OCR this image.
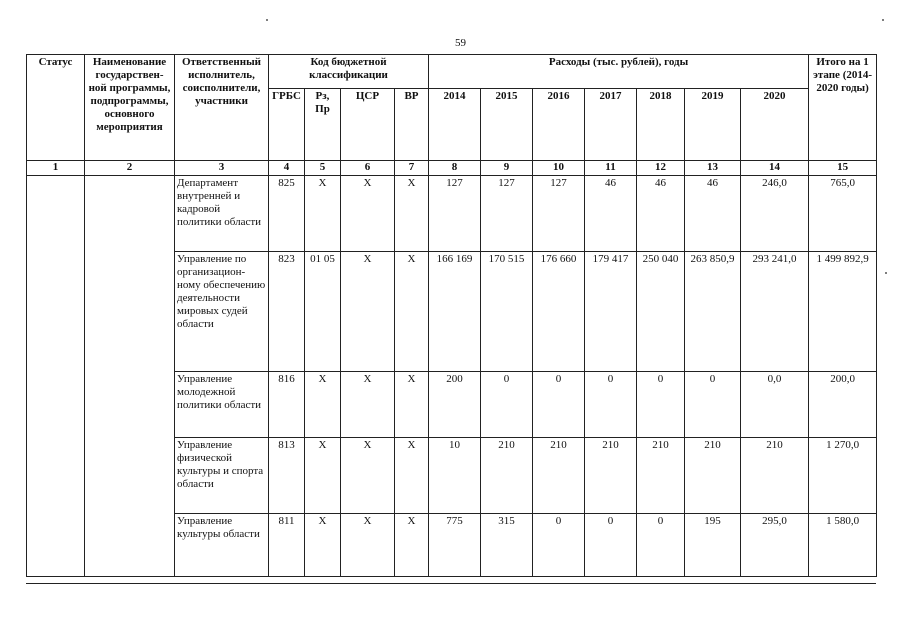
59
Статус	Наименование государствен-ной программы, подпрограммы, основного мероприятия	Ответственный исполнитель, соисполнители, участники	Код бюджетной классификации				Расходы (тыс. рублей), годы							Итого на 1 этапе (2014-2020 годы)
			ГРБС	Рз, Пр	ЦСР	ВР	2014	2015	2016	2017	2018	2019	2020	
1	2	3	4	5	6	7	8	9	10	11	12	13	14	15
		Департамент внутренней и кадровой политики области	825	Х	Х	Х	127	127	127	46	46	46	246,0	765,0
		Управление по организацион-ному обеспечению деятельности мировых судей области	823	01 05	Х	Х	166 169	170 515	176 660	179 417	250 040	263 850,9	293 241,0	1 499 892,9
		Управление молодежной политики области	816	Х	Х	Х	200	0	0	0	0	0	0,0	200,0
		Управление физической культуры и спорта области	813	Х	Х	Х	10	210	210	210	210	210	210	1 270,0
		Управление культуры области	811	Х	Х	Х	775	315	0	0	0	195	295,0	1 580,0
